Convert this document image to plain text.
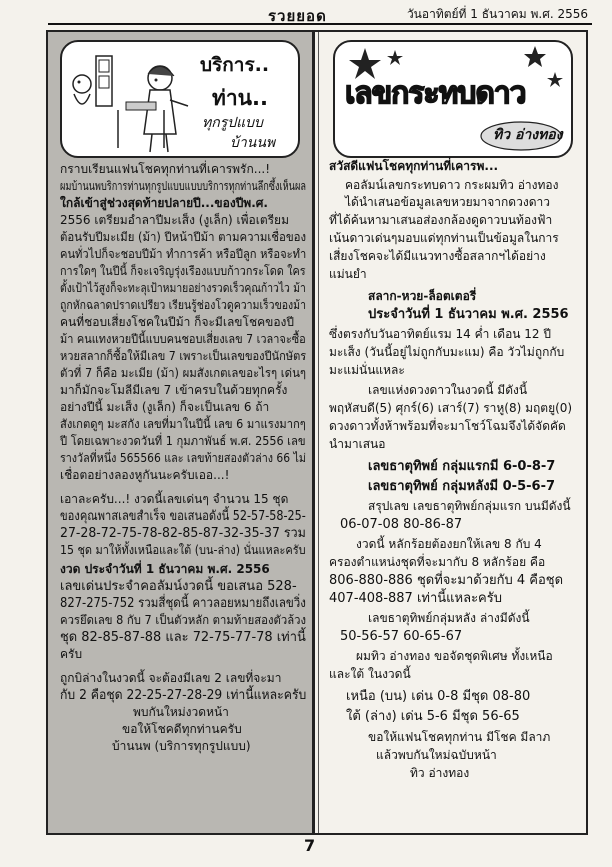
รวยยอด	วันอาทิตย์ที่ 1 ธันวาคม พ.ศ. 2556
บริการ..
ท่าน..
ทุกรูปแบบ
บ้านนพ
เลขกระทบดาว
ทิว อ่างทอง
กราบเรียนแฟนโชคทุกท่านที่เคารพรัก...!
ผมบ้านนพบริการท่านทุกรูปแบบแบบบริการทุกท่านลึกซึ้งเห็นผล
ใกล้เข้าสู่ช่วงสุดท้ายปลายปี...ของปีพ.ศ.
2556 เตรียมอำลาปีมะเส็ง (งูเล็ก) เพื่อเตรียม
ต้อนรับปีมะเมีย (ม้า) ปีหน้าปีม้า ตามความเชื่อของ
คนทั่วไปก็จะชอบปีม้า ทำการค้า หรือปีลูก หรือจะทำ
การใดๆ ในปีนี้ ก็จะเจริญรุ่งเรืองแบบก้าวกระโดด ใคร
ตั้งเป้าไว้สูงก็จะทะลุเป้าหมายอย่างรวดเร็วคุณก้าวไว ม้า
ถูกหักฉลาดปราดเปรียว เรียนรู้ช่องโวดูความเร็วของม้า
คนที่ชอบเสี่ยงโชคในปีม้า ก็จะมีเลขโชคของปี
ม้า คนแทงหวยปีนี้แบบคนชอบเสี่ยงเลข 7 เวลาจะซื้อ
หวยสลากก็ซื้อให้มีเลข 7 เพราะเป็นเลขของปีนักษัตร
ตัวที่ 7 ก็คือ มะเมีย (ม้า) ผมสังเกตเลขอะไรๆ เด่นๆ
มาก็มักจะโมลีมีเลข 7 เข้าครบในด้วยทุกครั้ง
อย่างปีนี้ มะเส็ง (งูเล็ก) ก็จะเป็นเลข 6 ถ้า
สังเกตดูๆ มะสกัง เลขที่มาในปีนี้ เลข 6 มาแรงมากๆ
ปี โดยเฉพาะงวดวันที่ 1 กุมภาพันธ์ พ.ศ. 2556 เลข
รางวัลที่หนึ่ง 565566 และ เลขท้ายสองตัวล่าง 66 ไม่
เชื่อตอย่างลองหูกันนะครับเออ...!
เอาละครับ...! งวดนี้เลขเด่นๆ จำนวน 15 ชุด
ของคุณพาสเลขสำเร็จ ขอเสนอดังนี้ 52-57-58-25-
27-28-72-75-78-82-85-87-32-35-37 รวม
15 ชุด มาให้ทั้งเหนือและใต้ (บน-ล่าง) นั่นแหละครับ
งวด ประจำวันที่ 1 ธันวาคม พ.ศ. 2556
เลขเด่นประจำคอลัมน์งวดนี้ ขอเสนอ 528-
827-275-752 รวมสี่ชุดนี้ คาวลอยหมายถึงเลขวิ่ง
ควรยึดเลข 8 กับ 7 เป็นตัวหลัก ตามท้ายสองตัวล้วง
ชุด 82-85-87-88 และ 72-75-77-78 เท่านี้
ครับ
ถูกบิล่างในงวดนี้ จะต้องมีเลข 2 เลขที่จะมา
กับ 2 คือชุด 22-25-27-28-29 เท่านี้แหละครับ
พบกันใหม่งวดหน้า
ขอให้โชคดีทุกท่านครับ
บ้านนพ (บริการทุกรูปแบบ)
สวัสดีแฟนโชคทุกท่านที่เคารพ...
คอลัมน์เลขกระทบดาว กระผมทิว อ่างทอง
ได้นำเสนอข้อมูลเลขหวยมาจากดวงดาว
ที่ได้ค้นหามาเสนอส่องกล้องดูดาวบนท้องฟ้า
เน้นดาวเด่นๆมอบแด่ทุกท่านเป็นข้อมูลในการ
เสี่ยงโชคจะได้มีแนวทางซื้อสลากฯได้อย่าง
แม่นยำ
สลาก-หวย-ล็อตเตอรี่
ประจำวันที่ 1 ธันวาคม พ.ศ. 2556
ซึ่งตรงกับวันอาทิตย์แรม 14 ค่ำ เดือน 12 ปี
มะเส็ง (วันนี้อยู่ไม่ถูกกับมะแม) คือ วัวไม่ถูกกับ
มะแม่นั่นแหละ
เลขแห่งดวงดาวในงวดนี้ มีดังนี้
พฤหัสบดี(5) ศุกร์(6) เสาร์(7) ราหู(8) มฤตยู(0)
ดวงดาวทั้งห้าพร้อมที่จะมาโชว์โฉมจึงได้จัดคัด
นำมาเสนอ
เลขธาตุทิพย์ กลุ่มแรกมี 6-0-8-7
เลขธาตุทิพย์ กลุ่มหลังมี 0-5-6-7
สรุปเลข เลขธาตุทิพย์กลุ่มแรก บนมีดังนี้
06-07-08 80-86-87
งวดนี้ หลักร้อยต้องยกให้เลข 8 กับ 4
ครองตำแหน่งชุดที่จะมากับ 8 หลักร้อย คือ
806-880-886 ชุดที่จะมาด้วยกับ 4 คือชุด
407-408-887 เท่านี้แหละครับ
เลขธาตุทิพย์กลุ่มหลัง ล่างมีดังนี้
50-56-57 60-65-67
ผมทิว อ่างทอง ขอจัดชุดพิเศษ ทั้งเหนือ
และใต้ ในงวดนี้
เหนือ (บน) เด่น 0-8 มีชุด 08-80
ใต้ (ล่าง) เด่น 5-6 มีชุด 56-65
ขอให้แฟนโชคทุกท่าน มีโชค มีลาภ
แล้วพบกันใหม่ฉบับหน้า
ทิว อ่างทอง
7
